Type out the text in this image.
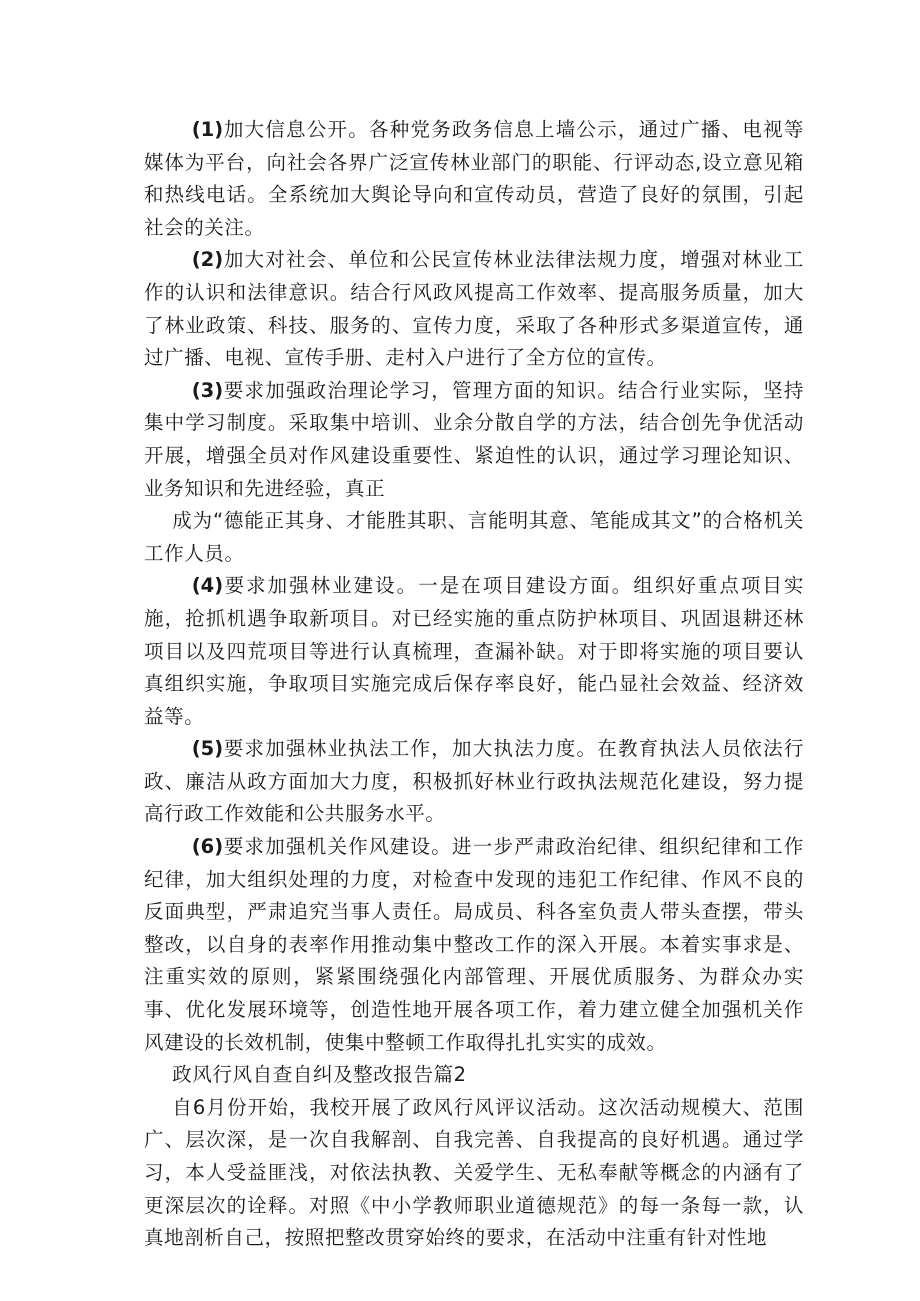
(1)加大信息公开。各种党务政务信息上墙公示，通过广播、电视等媒体为平台，向社会各界广泛宣传林业部门的职能、行评动态,设立意见箱和热线电话。全系统加大舆论导向和宣传动员，营造了良好的氛围，引起社会的关注。

(2)加大对社会、单位和公民宣传林业法律法规力度，增强对林业工作的认识和法律意识。结合行风政风提高工作效率、提高服务质量，加大了林业政策、科技、服务的、宣传力度，采取了各种形式多渠道宣传，通过广播、电视、宣传手册、走村入户进行了全方位的宣传。

(3)要求加强政治理论学习，管理方面的知识。结合行业实际，坚持集中学习制度。采取集中培训、业余分散自学的方法，结合创先争优活动开展，增强全员对作风建设重要性、紧迫性的认识，通过学习理论知识、业务知识和先进经验，真正

成为“德能正其身、才能胜其职、言能明其意、笔能成其文”的合格机关工作人员。

(4)要求加强林业建设。一是在项目建设方面。组织好重点项目实施，抢抓机遇争取新项目。对已经实施的重点防护林项目、巩固退耕还林项目以及四荒项目等进行认真梳理，查漏补缺。对于即将实施的项目要认真组织实施，争取项目实施完成后保存率良好，能凸显社会效益、经济效益等。

(5)要求加强林业执法工作，加大执法力度。在教育执法人员依法行政、廉洁从政方面加大力度，积极抓好林业行政执法规范化建设，努力提高行政工作效能和公共服务水平。

(6)要求加强机关作风建设。进一步严肃政治纪律、组织纪律和工作纪律，加大组织处理的力度，对检查中发现的违犯工作纪律、作风不良的反面典型，严肃追究当事人责任。局成员、科各室负责人带头查摆，带头整改，以自身的表率作用推动集中整改工作的深入开展。本着实事求是、注重实效的原则，紧紧围绕强化内部管理、开展优质服务、为群众办实事、优化发展环境等，创造性地开展各项工作，着力建立健全加强机关作风建设的长效机制，使集中整顿工作取得扎扎实实的成效。

政风行风自查自纠及整改报告篇2

自6月份开始，我校开展了政风行风评议活动。这次活动规模大、范围广、层次深，是一次自我解剖、自我完善、自我提高的良好机遇。通过学习，本人受益匪浅，对依法执教、关爱学生、无私奉献等概念的内涵有了更深层次的诠释。对照《中小学教师职业道德规范》的每一条每一款，认真地剖析自己，按照把整改贯穿始终的要求，在活动中注重有针对性地
